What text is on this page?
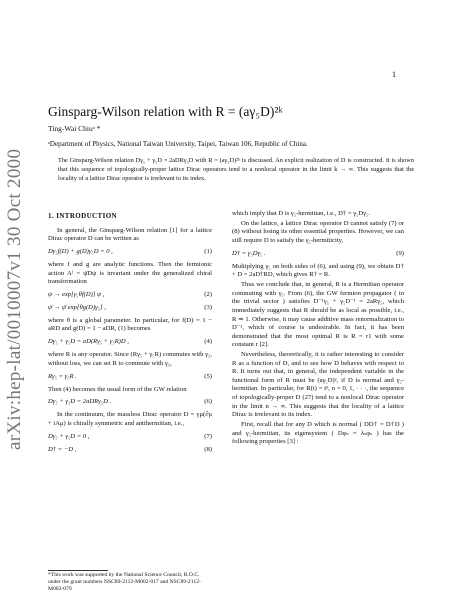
arXiv:hep-lat/0010007v1 30 Oct 2000
1
Ginsparg-Wilson relation with R = (aγ₅D)²ᵏ
Ting-Wai Chiuᵃ *
ᵃDepartment of Physics, National Taiwan University, Taipei, Taiwan 106, Republic of China.
The Ginsparg-Wilson relation Dγ₅ + γ₅D = 2aDRγ₅D with R = (aγ₅D)²ᵏ is discussed. An explicit realization of D is constructed. It is shown that this sequence of topologically-proper lattice Dirac operators tend to a nonlocal operator in the limit k → ∞. This suggests that the locality of a lattice Dirac operator is irrelevant to its index.

1. INTRODUCTION

In general, the Ginsparg-Wilson relation [1] for a lattice Dirac operator D can be written as

Dγ₅f(D) + g(D)γ₅D = 0 ,	(1)

where f and g are analytic functions. Then the fermionic action Aᶠ = ψ̄Dψ is invariant under the generalized chiral transformation

ψ → exp[γ₅θf(D)] ψ ,	(2)
ψ̄ → ψ̄ exp[θg(D)γ₅] ,	(3)

where θ is a global parameter. In particular, for f(D) = 1 − aRD and g(D) = 1 − aDR, (1) becomes

Dγ₅ + γ₅D = aD(Rγ₅ + γ₅R)D ,	(4)

where R is any operator. Since (Rγ₅ + γ₅R) commutes with γ₅, without loss, we can set R to commute with γ₅,

Rγ₅ = γ₅R .	(5)

Then (4) becomes the usual form of the GW relation

Dγ₅ + γ₅D = 2aDRγ₅D .	(6)

In the continuum, the massless Dirac operator D = γμ(∂μ + iAμ) is chirally symmetric and antihermitian, i.e.,

Dγ₅ + γ₅D = 0 ,	(7)
D† = −D ,	(8)
*This work was supported by the National Science Council, R.O.C. under the grant numbers NSC89-2112-M002-017 and NSC89-2112-M002-079

which imply that D is γ₅-hermitian, i.e., D† = γ₅Dγ₅.

On the lattice, a lattice Dirac operator D cannot satisfy (7) or (8) without losing its other essential properties. However, we can still require D to satisfy the γ₅-hermiticity,

D† = γ₅Dγ₅ .	(9)

Multiplying γ₅ on both sides of (6), and using (9), we obtain D† + D = 2aD†RD, which gives R† = R.

Thus we conclude that, in general, R is a Hermitian operator commuting with γ₅. From (6), the GW fermion propagator ( in the trivial sector ) satisfies D⁻¹γ₅ + γ₅D⁻¹ = 2aRγ₅, which immediately suggests that R should be as local as possible, i.e., R ≃ 1. Otherwise, it may cause additive mass renormalization to D⁻¹, which of course is undesirable. In fact, it has been demonstrated that the most optimal R is R = r1 with some constant r [2].

Nevertheless, theoretically, it is rather interesting to consider R as a function of D, and to see how D behaves with respect to R. It turns out that, in general, the independent variable in the functional form of R must be (aγ₅D)², if D is normal and γ₅-hermitian. In particular, for R(t) = tⁿ, n = 0, 1, · · ·, the sequence of topologically-proper D (27) tend to a nonlocal Dirac operator in the limit n → ∞. This suggests that the locality of a lattice Dirac is irrelevant to its index.

First, recall that for any D which is normal ( DD† = D†D ) and γ₅-hermitian, its eigensystem ( Dφₛ = λₛφₛ ) has the following properties [3] :
